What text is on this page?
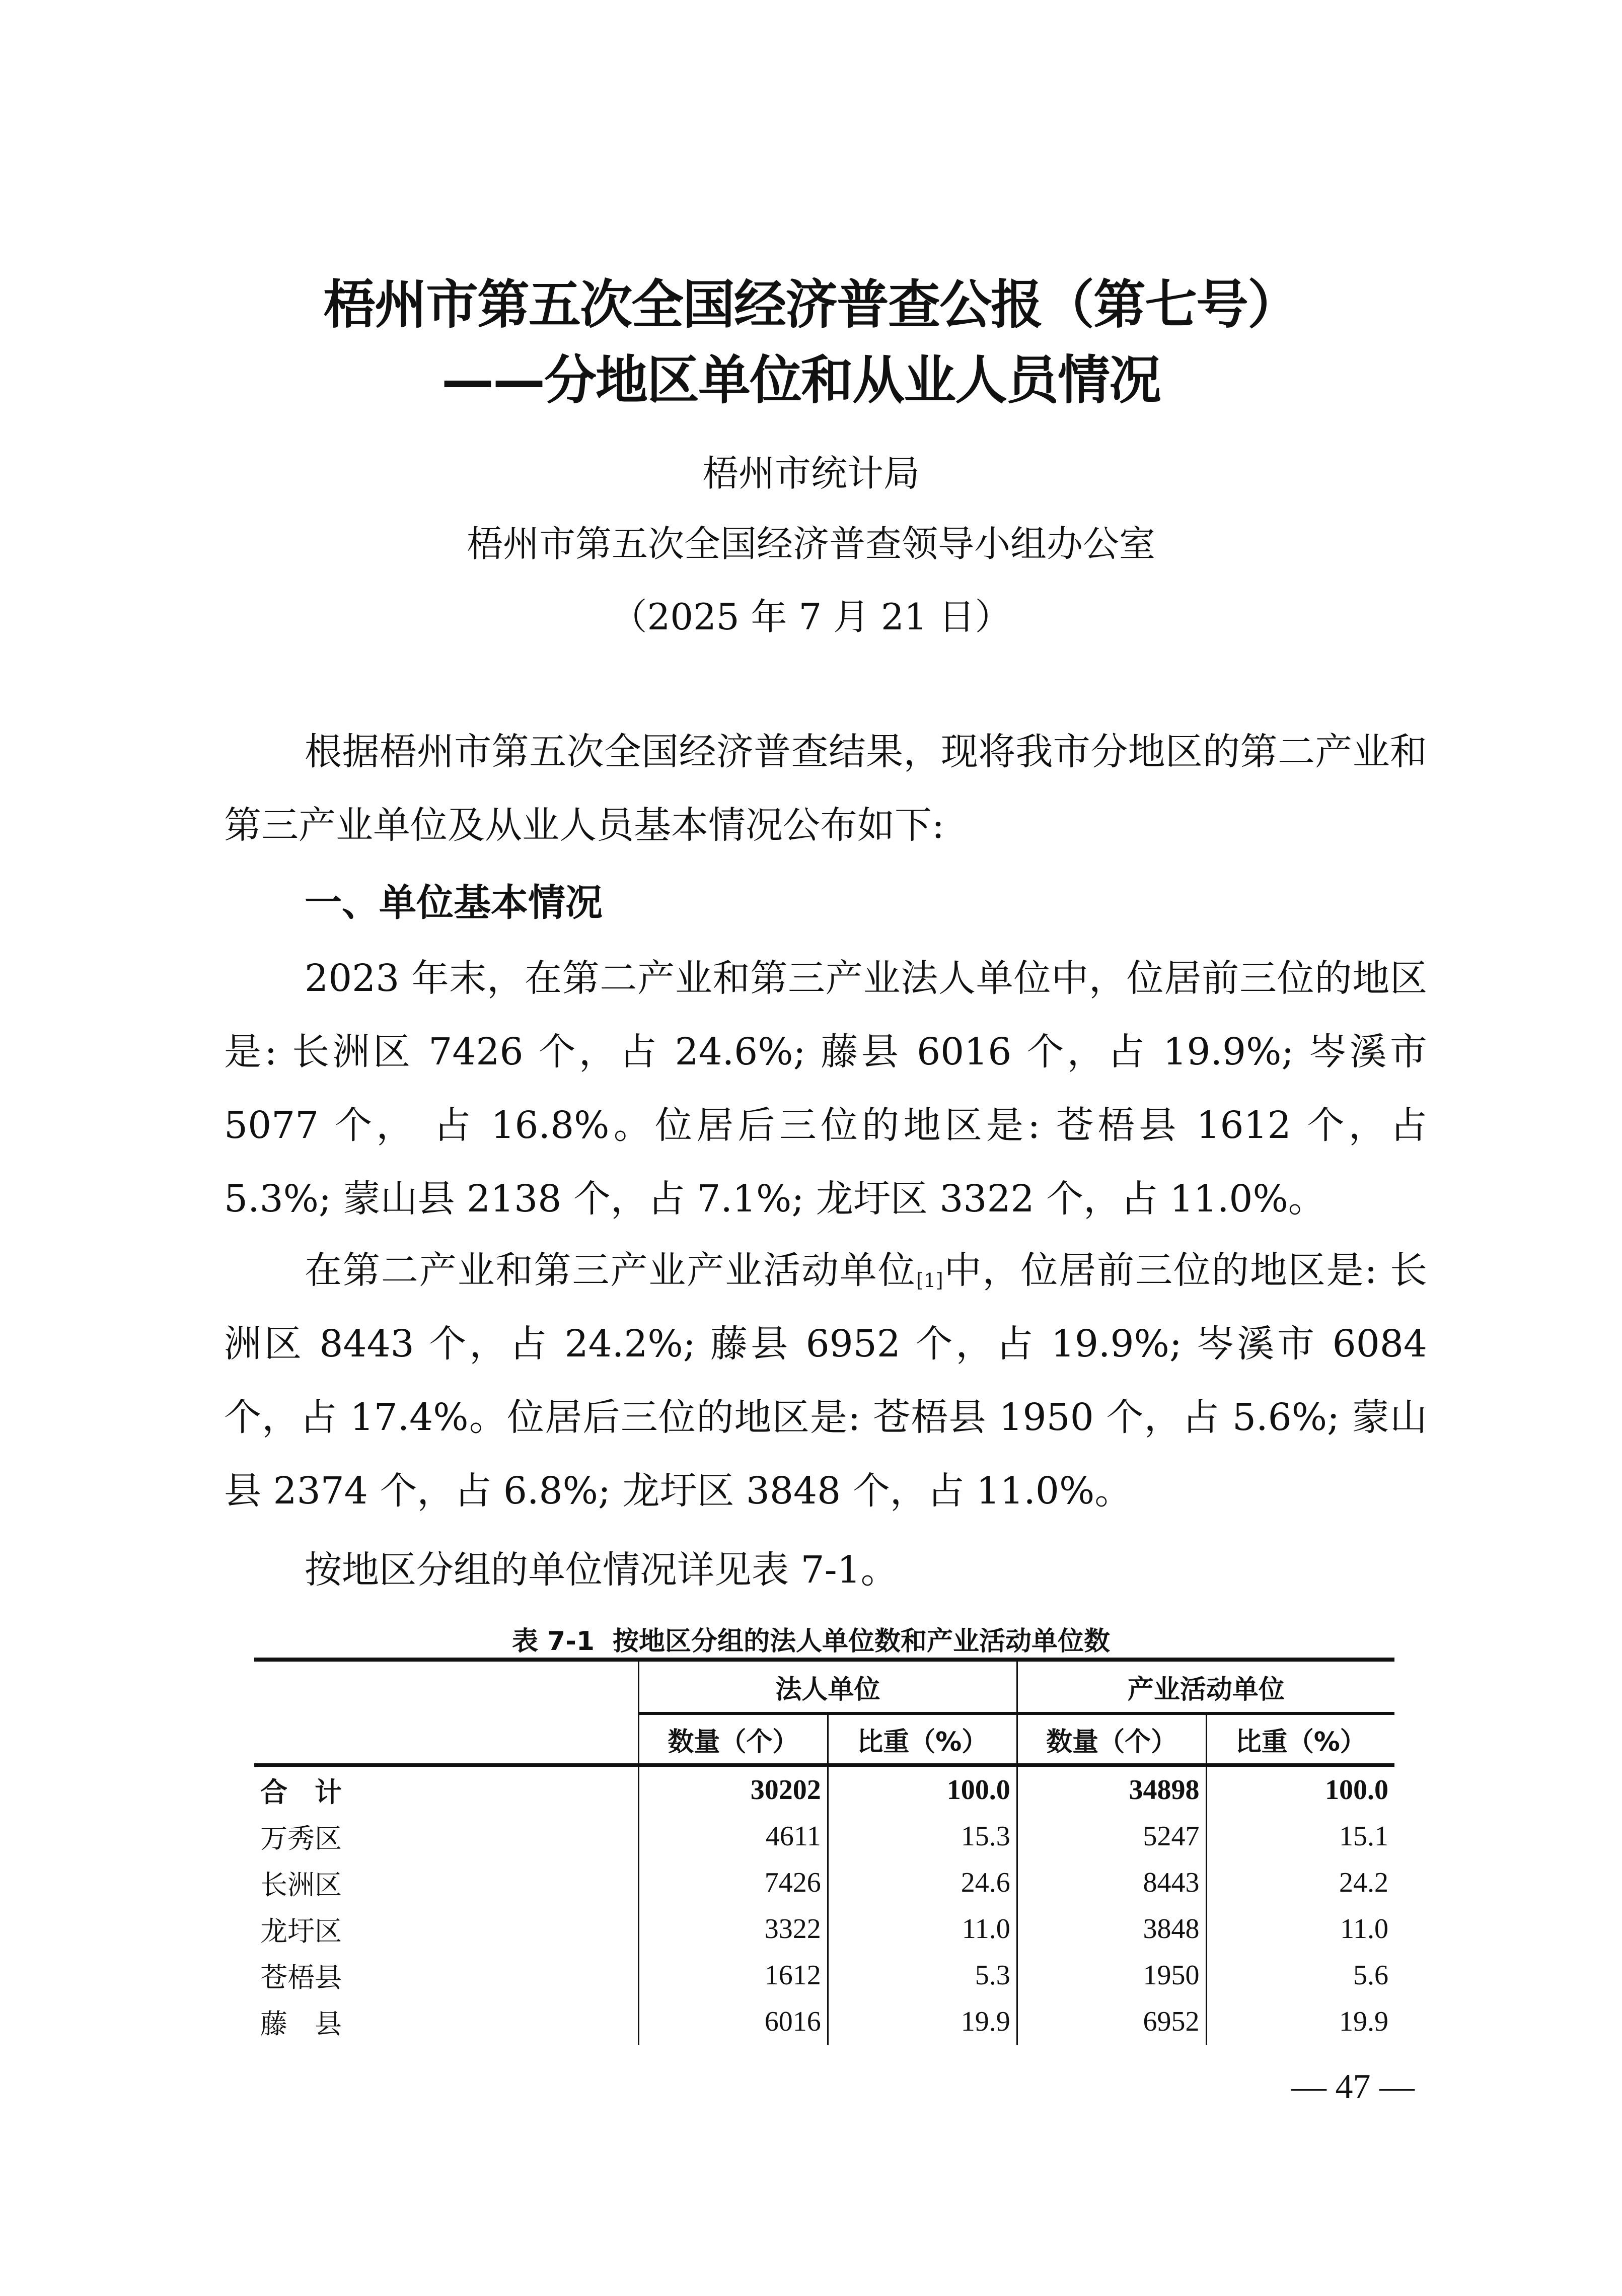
梧州市第五次全国经济普查公报（第七号）
——分地区单位和从业人员情况
梧州市统计局
梧州市第五次全国经济普查领导小组办公室
（2025 年 7 月 21 日）
根据梧州市第五次全国经济普查结果，现将我市分地区的第二产业和第三产业单位及从业人员基本情况公布如下:
一、单位基本情况
2023 年末，在第二产业和第三产业法人单位中，位居前三位的地区是: 长洲区 7426 个，占 24.6%; 藤县 6016 个，占 19.9%; 岑溪市 5077 个， 占 16.8%。位居后三位的地区是: 苍梧县 1612 个，占 5.3%; 蒙山县 2138 个，占 7.1%; 龙圩区 3322 个，占 11.0%。
在第二产业和第三产业产业活动单位[1]中，位居前三位的地区是: 长洲区 8443 个，占 24.2%; 藤县 6952 个，占 19.9%; 岑溪市 6084 个，占 17.4%。位居后三位的地区是: 苍梧县 1950 个，占 5.6%; 蒙山县 2374 个，占 6.8%; 龙圩区 3848 个，占 11.0%。
按地区分组的单位情况详见表 7-1。
表 7-1 按地区分组的法人单位数和产业活动单位数
	法人单位		产业活动单位	
	数量（个）	比重（%）	数量（个）	比重（%）

合　计	30202	100.0	34898	100.0
万秀区	4611	15.3	5247	15.1
长洲区	7426	24.6	8443	24.2
龙圩区	3322	11.0	3848	11.0
苍梧县	1612	5.3	1950	5.6
藤　县	6016	19.9	6952	19.9
— 47 —
